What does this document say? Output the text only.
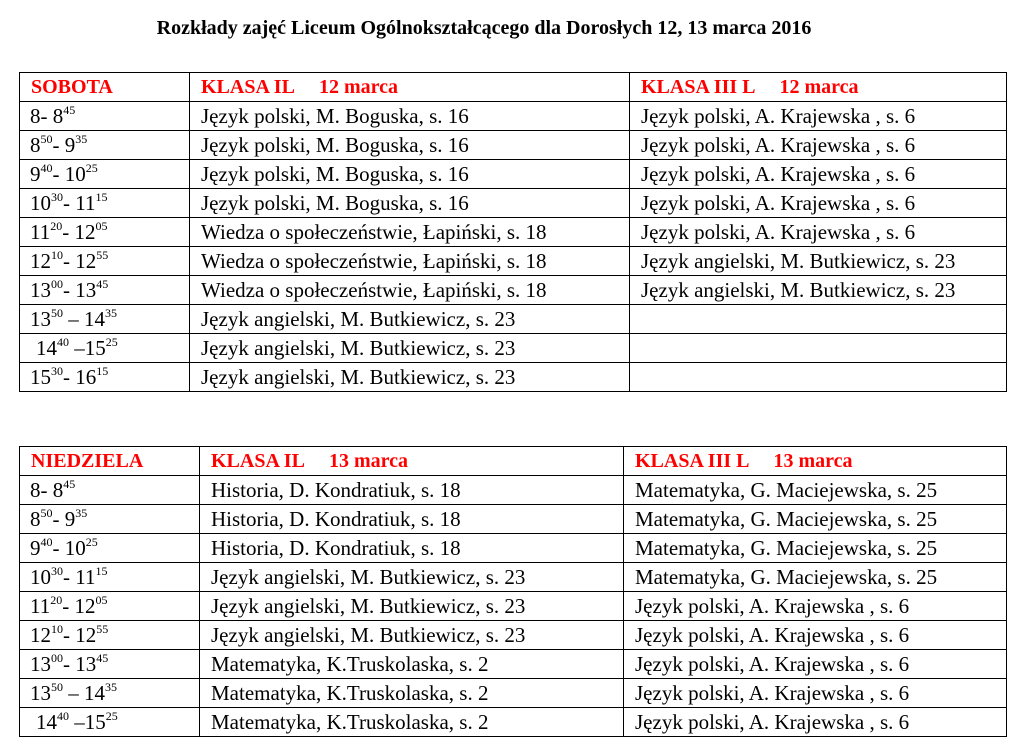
Rozkłady zajęć Liceum Ogólnokształcącego dla Dorosłych 12, 13 marca 2016
SOBOTA	KLASA IL 12 marca	KLASA III L 12 marca
8- $8^{45}$	Język polski, M. Boguska, s. 16	Język polski, A. Krajewska , s. 6
$8^{50}-$ $9^{35}$	Język polski, M. Boguska, s. 16	Język polski, A. Krajewska , s. 6
$9^{40}-$ $10^{25}$	Język polski, M. Boguska, s. 16	Język polski, A. Krajewska , s. 6
$10^{30}-$ $11^{15}$	Język polski, M. Boguska, s. 16	Język polski, A. Krajewska , s. 6
$11^{20}-$ $12^{05}$	Wiedza o społeczeństwie, Łapiński, s. 18	Język polski, A. Krajewska , s. 6
$12^{10}-$ $12^{55}$	Wiedza o społeczeństwie, Łapiński, s. 18	Język angielski, M. Butkiewicz, s. 23
$13^{00}-$ $13^{45}$	Wiedza o społeczeństwie, Łapiński, s. 18	Język angielski, M. Butkiewicz, s. 23
$13^{50} - 14^{35}$	Język angielski, M. Butkiewicz, s. 23	
$14^{40}$ $-15^{25}$	Język angielski, M. Butkiewicz, s. 23	
$15^{30}-$ $16^{15}$	Język angielski, M. Butkiewicz, s. 23	
NIEDZIELA	KLASA IL 13 marca	KLASA III L 13 marca
8- $8^{45}$	Historia, D. Kondratiuk, s. 18	Matematyka, G. Maciejewska, s. 25
$8^{50}-$ $9^{35}$	Historia, D. Kondratiuk, s. 18	Matematyka, G. Maciejewska, s. 25
$9^{40}-$ $10^{25}$	Historia, D. Kondratiuk, s. 18	Matematyka, G. Maciejewska, s. 25
$10^{30}-$ $11^{15}$	Język angielski, M. Butkiewicz, s. 23	Matematyka, G. Maciejewska, s. 25
$11^{20}-$ $12^{05}$	Język angielski, M. Butkiewicz, s. 23	Język polski, A. Krajewska , s. 6
$12^{10}-$ $12^{55}$	Język angielski, M. Butkiewicz, s. 23	Język polski, A. Krajewska , s. 6
$13^{00}-$ $13^{45}$	Matematyka, K.Truskolaska, s. 2	Język polski, A. Krajewska , s. 6
$13^{50} - 14^{35}$	Matematyka, K.Truskolaska, s. 2	Język polski, A. Krajewska , s. 6
$14^{40}$ $-15^{25}$	Matematyka, K.Truskolaska, s. 2	Język polski, A. Krajewska , s. 6
